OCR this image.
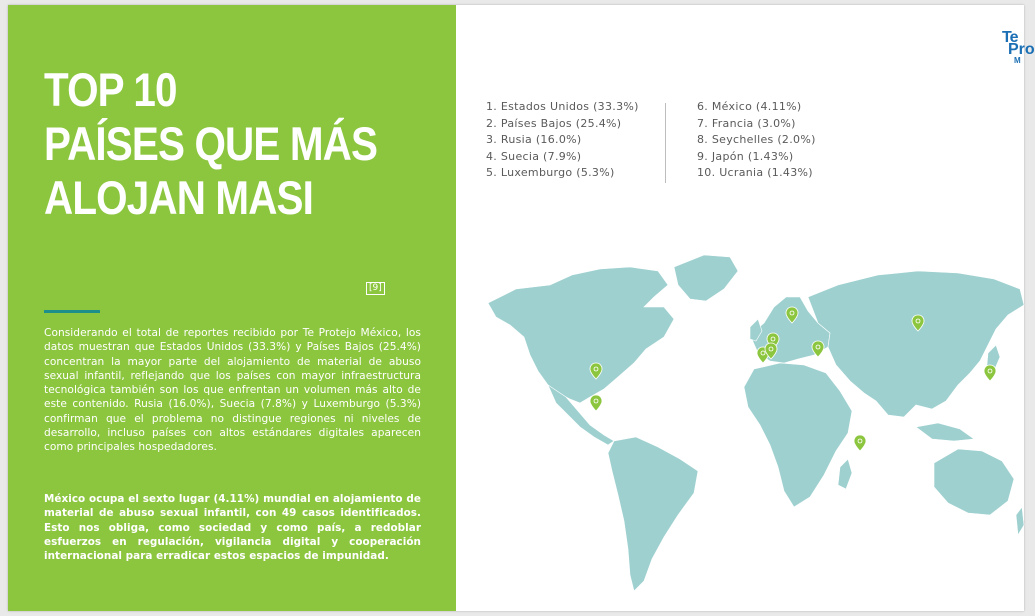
TOP 10
PAÍSES QUE MÁS
ALOJAN MASI
[9]
Considerando el total de reportes recibido por Te Protejo México, los datos muestran que Estados Unidos (33.3%) y Países Bajos (25.4%) concentran la mayor parte del alojamiento de material de abuso sexual infantil, reflejando que los países con mayor infraestructura tecnológica también son los que enfrentan un volumen más alto de este contenido. Rusia (16.0%), Suecia (7.8%) y Luxemburgo (5.3%) confirman que el problema no distingue regiones ni niveles de desarrollo, incluso países con altos estándares digitales aparecen como principales hospedadores.
México ocupa el sexto lugar (4.11%) mundial en alojamiento de material de abuso sexual infantil, con 49 casos identificados. Esto nos obliga, como sociedad y como país, a redoblar esfuerzos en regulación, vigilancia digital y cooperación internacional para erradicar estos espacios de impunidad.
Te
Pro
M
1. Estados Unidos (33.3%)
2. Países Bajos (25.4%)
3. Rusia (16.0%)
4. Suecia (7.9%)
5. Luxemburgo (5.3%)
6. México (4.11%)
7. Francia (3.0%)
8. Seychelles (2.0%)
9. Japón (1.43%)
10. Ucrania (1.43%)
